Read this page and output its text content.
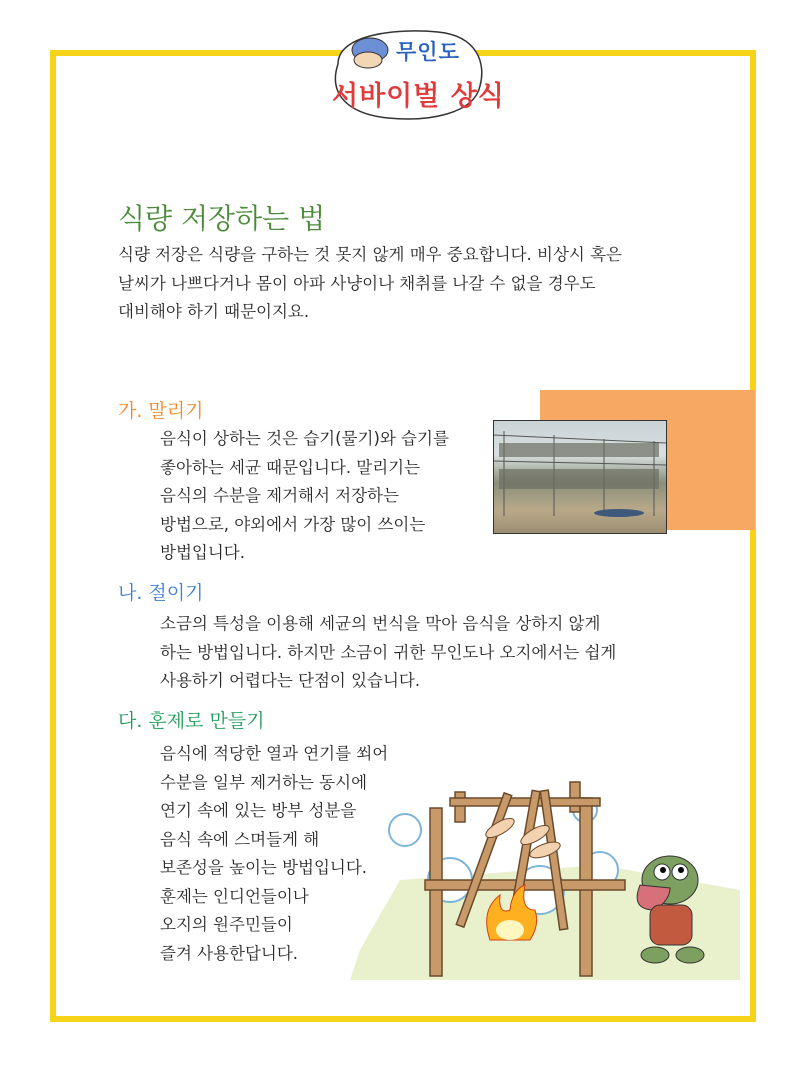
무인도
서바이벌 상식
식량 저장하는 법
식량 저장은 식량을 구하는 것 못지 않게 매우 중요합니다. 비상시 혹은
날씨가 나쁘다거나 몸이 아파 사냥이나 채취를 나갈 수 없을 경우도
대비해야 하기 때문이지요.
가. 말리기
음식이 상하는 것은 습기(물기)와 습기를
좋아하는 세균 때문입니다. 말리기는
음식의 수분을 제거해서 저장하는
방법으로, 야외에서 가장 많이 쓰이는
방법입니다.
나. 절이기
소금의 특성을 이용해 세균의 번식을 막아 음식을 상하지 않게
하는 방법입니다. 하지만 소금이 귀한 무인도나 오지에서는 쉽게
사용하기 어렵다는 단점이 있습니다.
다. 훈제로 만들기
음식에 적당한 열과 연기를 쐬어
수분을 일부 제거하는 동시에
연기 속에 있는 방부 성분을
음식 속에 스며들게 해
보존성을 높이는 방법입니다.
훈제는 인디언들이나
오지의 원주민들이
즐겨 사용한답니다.
